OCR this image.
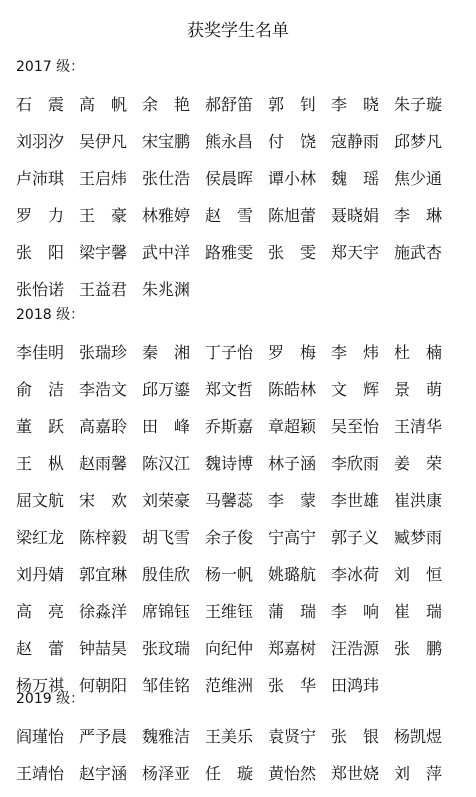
获奖学生名单
2017 级：
石震
高帆
余艳
郝舒笛 郭钊
李晓
朱子璇
刘羽汐 吴伊凡 宋宝鹏 熊永昌 付饶
寇静雨 邱梦凡
卢沛琪 王启炜 张仕浩 侯晨晖 谭小林 魏瑶
焦少通
罗力
王豪
林雅婷 赵雪
陈旭蕾 聂晓娟 李琳
张阳
梁宇馨 武中洋 路雅雯 张雯
郑天宇 施武杏
张怡诺 王益君 朱兆渊
2018 级：
李佳明 张瑞珍 秦湘
丁子怡 罗梅
李炜
杜楠
俞洁
李浩文 邱万鎏 郑文哲 陈皓林 文辉
景萌
董跃
高嘉聆 田峰
乔斯嘉 章超颖 吴至怡 王清华
王枞
赵雨馨 陈汉江 魏诗博 林子涵 李欣雨 姜荣
屈文航 宋欢
刘荣豪 马馨蕊 李蒙
李世雄 崔洪康
梁红龙 陈梓毅 胡飞雪 余子俊 宁高宁 郭子义 臧梦雨
刘丹婧 郭宜琳 殷佳欣 杨一帆 姚璐航 李冰荷 刘恒
高亮
徐淼洋 席锦钰 王维钰 蒲瑞
李响
崔瑞
赵蕾
钟喆昊 张玟瑞 向纪仲 郑嘉树 汪浩源 张鹏
杨万祺 何朝阳 邹佳铭 范维洲 张华
田鸿玮
2019 级：
阎瑾怡 严予晨 魏雅洁 王美乐 袁贤宁 张银
杨凯煜
王靖怡 赵宇涵 杨泽亚 任璇
黄怡然 郑世娆 刘萍
